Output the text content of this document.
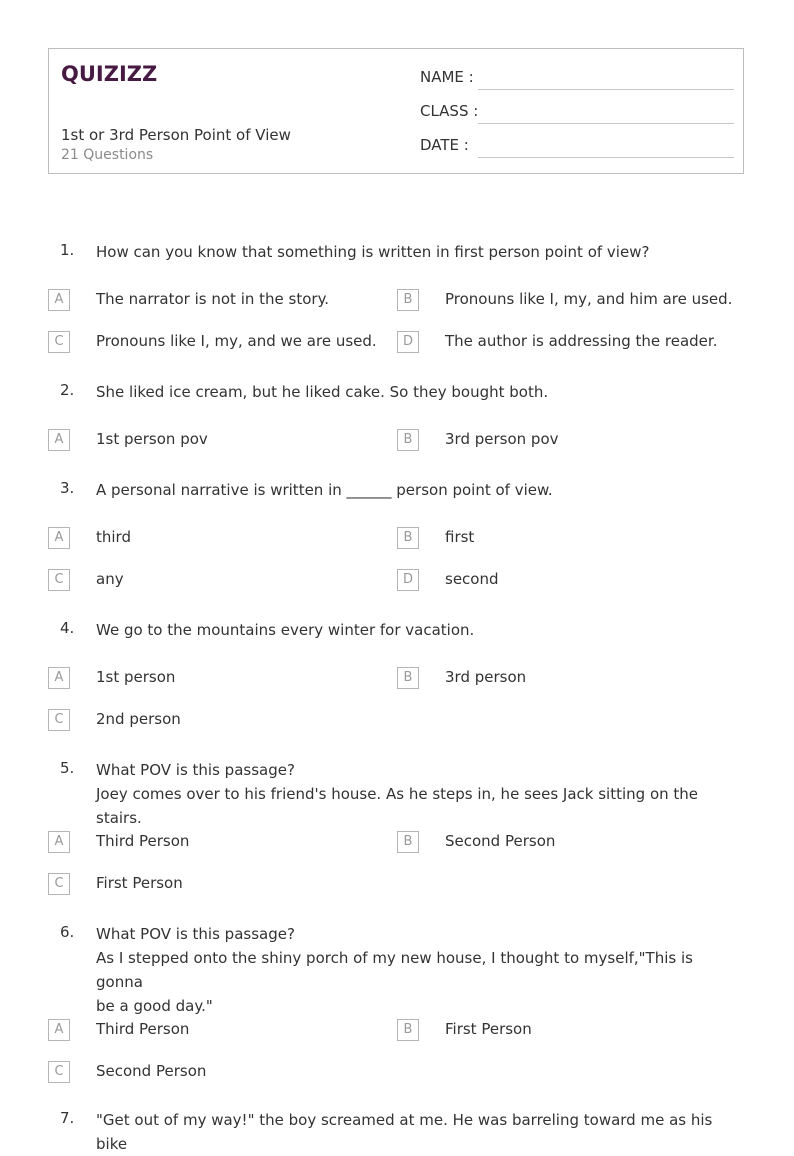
QUIZIZZ
1st or 3rd Person Point of View
21 Questions
NAME :
CLASS :
DATE :
1. How can you know that something is written in first person point of view?
A	The narrator is not in the story.	B	Pronouns like I, my, and him are used.
C	Pronouns like I, my, and we are used.	D	The author is addressing the reader.
2. She liked ice cream, but he liked cake. So they bought both.
A	1st person pov	B	3rd person pov
3. A personal narrative is written in ______ person point of view.
A	third	B	first
C	any	D	second
4. We go to the mountains every winter for vacation.
A	1st person	B	3rd person
C	2nd person
5. What POV is this passage?
Joey comes over to his friend's house. As he steps in, he sees Jack sitting on the stairs.
A	Third Person	B	Second Person
C	First Person
6. What POV is this passage?
As I stepped onto the shiny porch of my new house, I thought to myself,"This is gonna
be a good day."
A	Third Person	B	First Person
C	Second Person
7. "Get out of my way!" the boy screamed at me. He was barreling toward me as his bike
